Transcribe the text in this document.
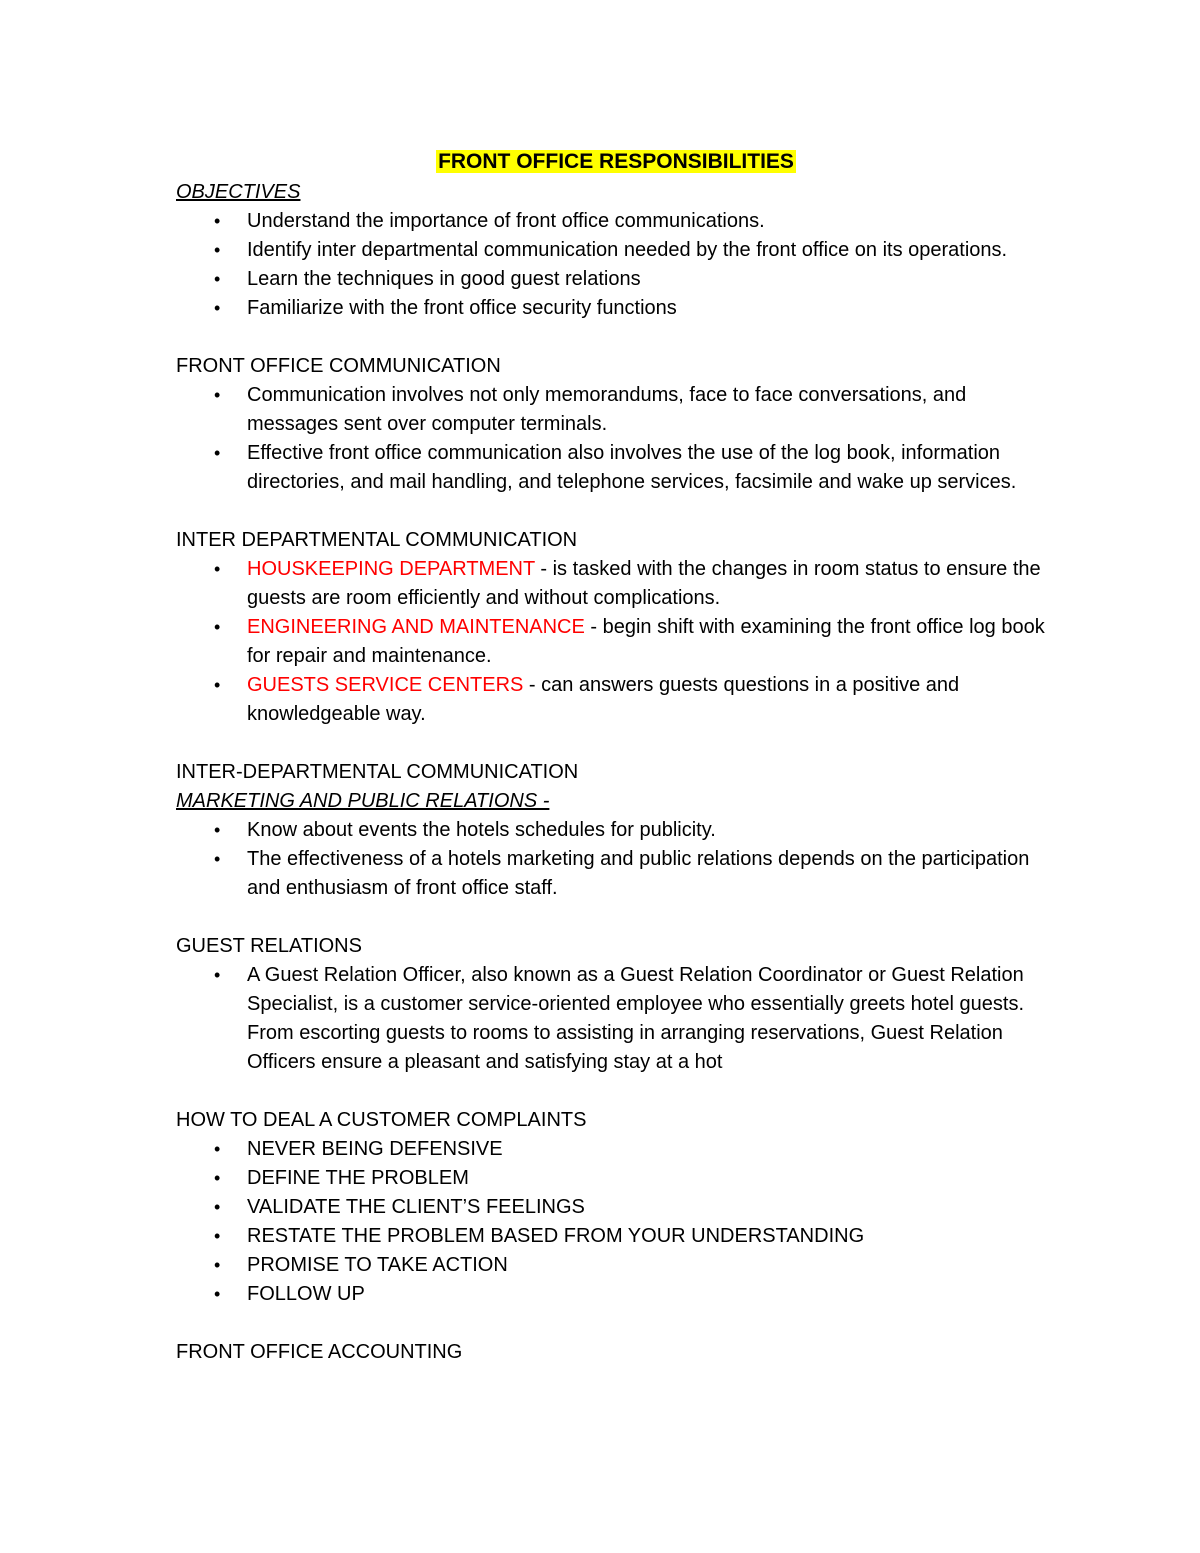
FRONT OFFICE RESPONSIBILITIES
OBJECTIVES
• Understand the importance of front office communications.
• Identify inter departmental communication needed by the front office on its operations.
• Learn the techniques in good guest relations
• Familiarize with the front office security functions
FRONT OFFICE COMMUNICATION
• Communication involves not only memorandums, face to face conversations, and messages sent over computer terminals.
• Effective front office communication also involves the use of the log book, information directories, and mail handling, and telephone services, facsimile and wake up services.
INTER DEPARTMENTAL COMMUNICATION
• HOUSKEEPING DEPARTMENT - is tasked with the changes in room status to ensure the guests are room efficiently and without complications.
• ENGINEERING AND MAINTENANCE - begin shift with examining the front office log book for repair and maintenance.
• GUESTS SERVICE CENTERS - can answers guests questions in a positive and knowledgeable way.
INTER-DEPARTMENTAL COMMUNICATION
MARKETING AND PUBLIC RELATIONS -
• Know about events the hotels schedules for publicity.
• The effectiveness of a hotels marketing and public relations depends on the participation and enthusiasm of front office staff.
GUEST RELATIONS
• A Guest Relation Officer, also known as a Guest Relation Coordinator or Guest Relation Specialist, is a customer service-oriented employee who essentially greets hotel guests. From escorting guests to rooms to assisting in arranging reservations, Guest Relation Officers ensure a pleasant and satisfying stay at a hot
HOW TO DEAL A CUSTOMER COMPLAINTS
• NEVER BEING DEFENSIVE
• DEFINE THE PROBLEM
• VALIDATE THE CLIENT’S FEELINGS
• RESTATE THE PROBLEM BASED FROM YOUR UNDERSTANDING
• PROMISE TO TAKE ACTION
• FOLLOW UP
FRONT OFFICE ACCOUNTING
